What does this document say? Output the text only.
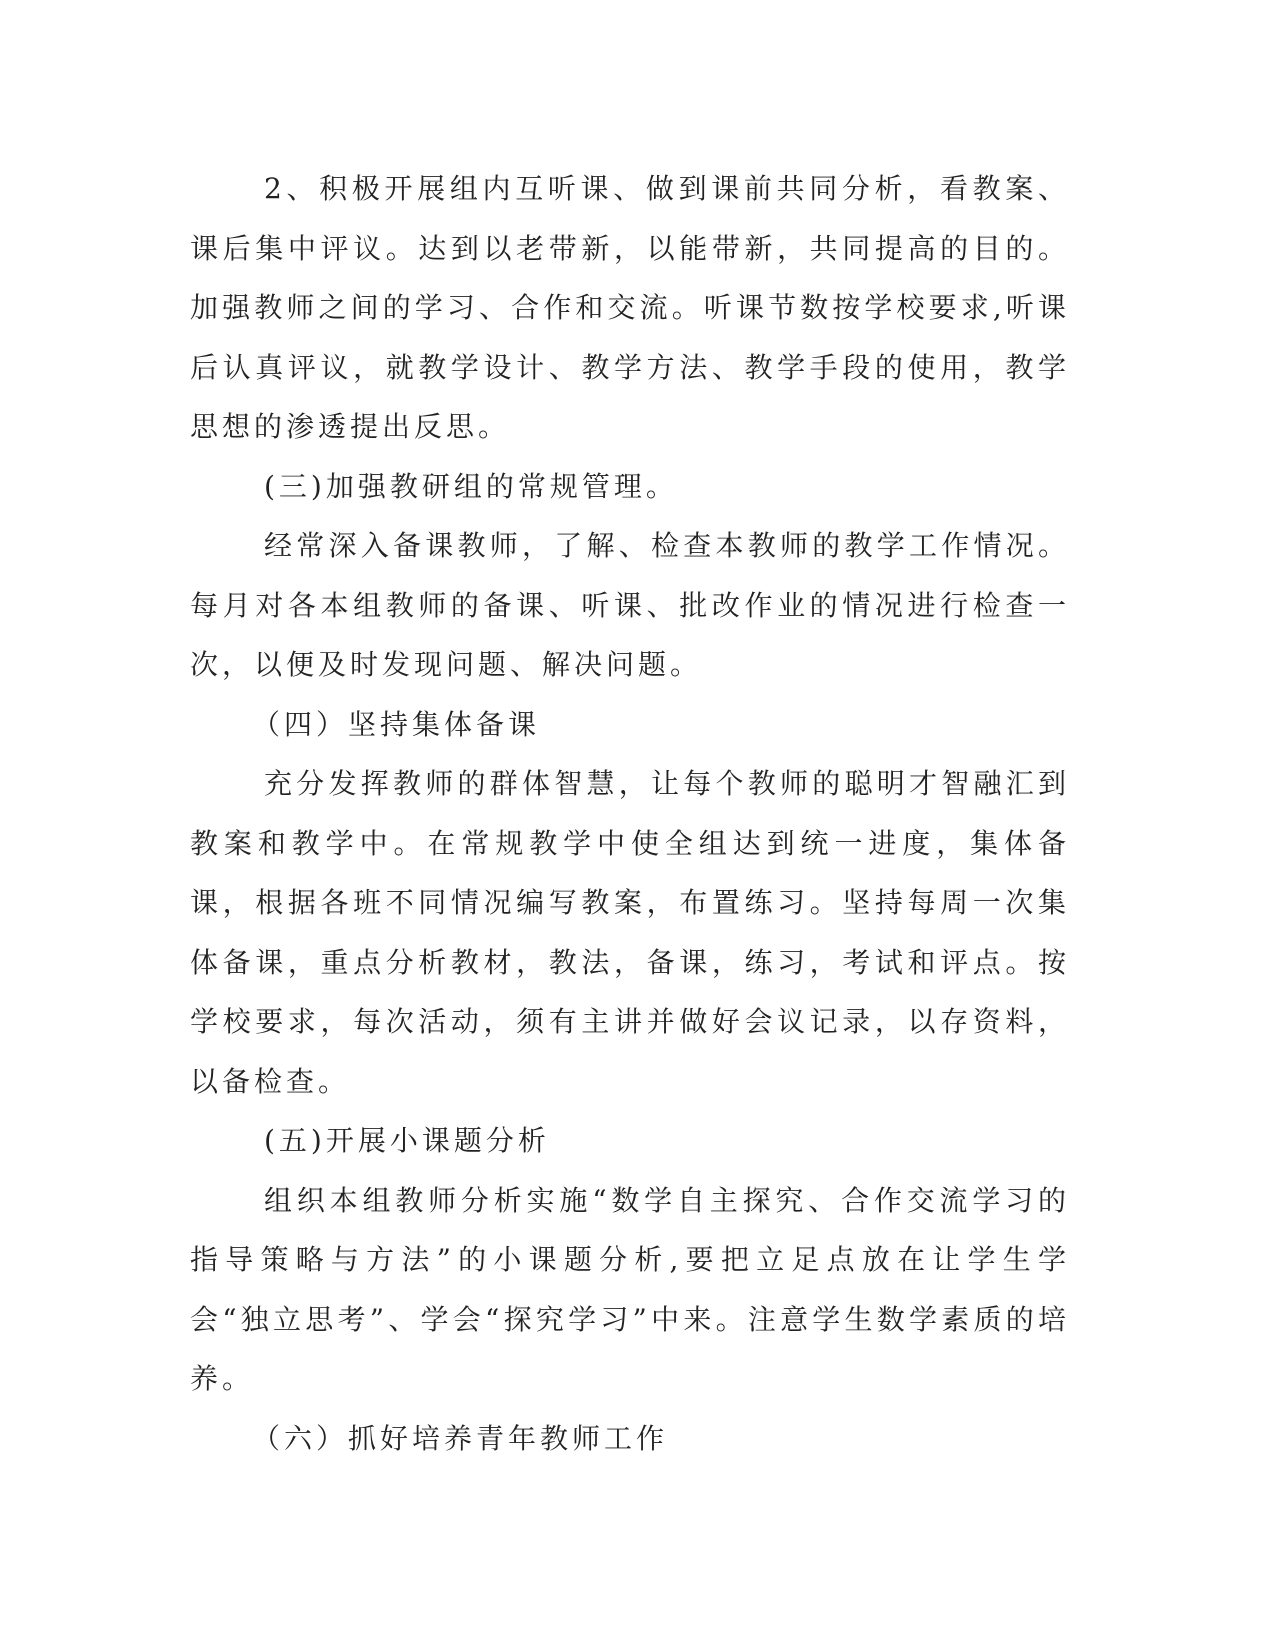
2、积极开展组内互听课、做到课前共同分析，看教案、课后集中评议。达到以老带新，以能带新，共同提高的目的。加强教师之间的学习、合作和交流。听课节数按学校要求,听课后认真评议，就教学设计、教学方法、教学手段的使用，教学思想的渗透提出反思。

(三)加强教研组的常规管理。

经常深入备课教师，了解、检查本教师的教学工作情况。每月对各本组教师的备课、听课、批改作业的情况进行检查一次，以便及时发现问题、解决问题。

（四）坚持集体备课

充分发挥教师的群体智慧，让每个教师的聪明才智融汇到教案和教学中。在常规教学中使全组达到统一进度，集体备课，根据各班不同情况编写教案，布置练习。坚持每周一次集体备课，重点分析教材，教法，备课，练习，考试和评点。按学校要求，每次活动，须有主讲并做好会议记录，以存资料，以备检查。

(五)开展小课题分析

组织本组教师分析实施“数学自主探究、合作交流学习的指导策略与方法”的小课题分析,要把立足点放在让学生学会“独立思考”、学会“探究学习”中来。注意学生数学素质的培养。

（六）抓好培养青年教师工作
